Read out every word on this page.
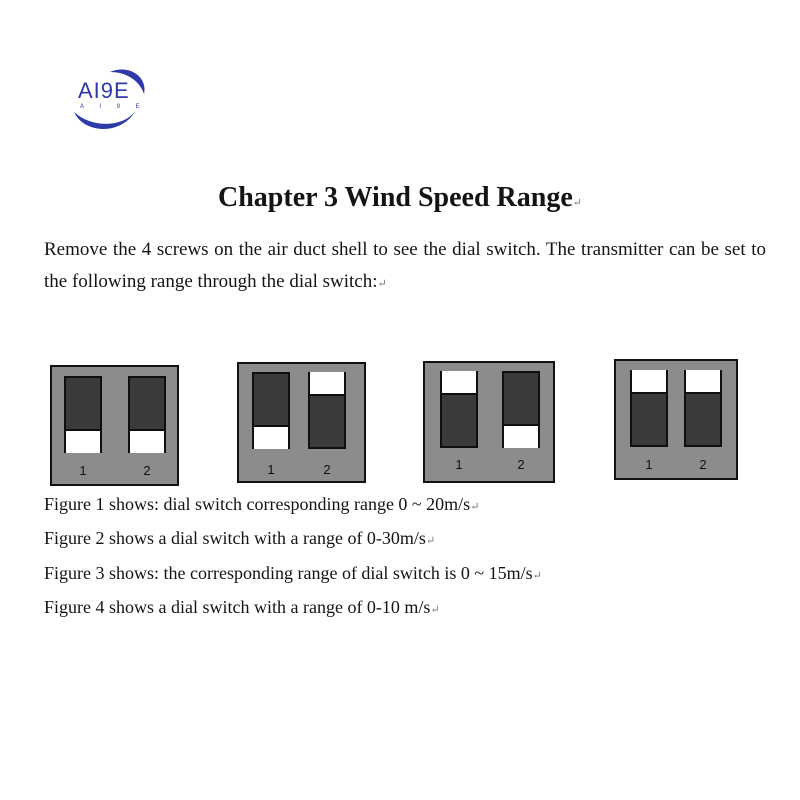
AI9E
A I 9 E
Chapter 3 Wind Speed Range↵
Remove the 4 screws on the air duct shell to see the dial switch. The transmitter can be set to the following range through the dial switch:↵
1	2	1	2	1	2	1	2
Figure 1 shows: dial switch corresponding range 0 ~ 20m/s↵
Figure 2 shows a dial switch with a range of 0-30m/s↵
Figure 3 shows: the corresponding range of dial switch is 0 ~ 15m/s↵
Figure 4 shows a dial switch with a range of 0-10 m/s↵
